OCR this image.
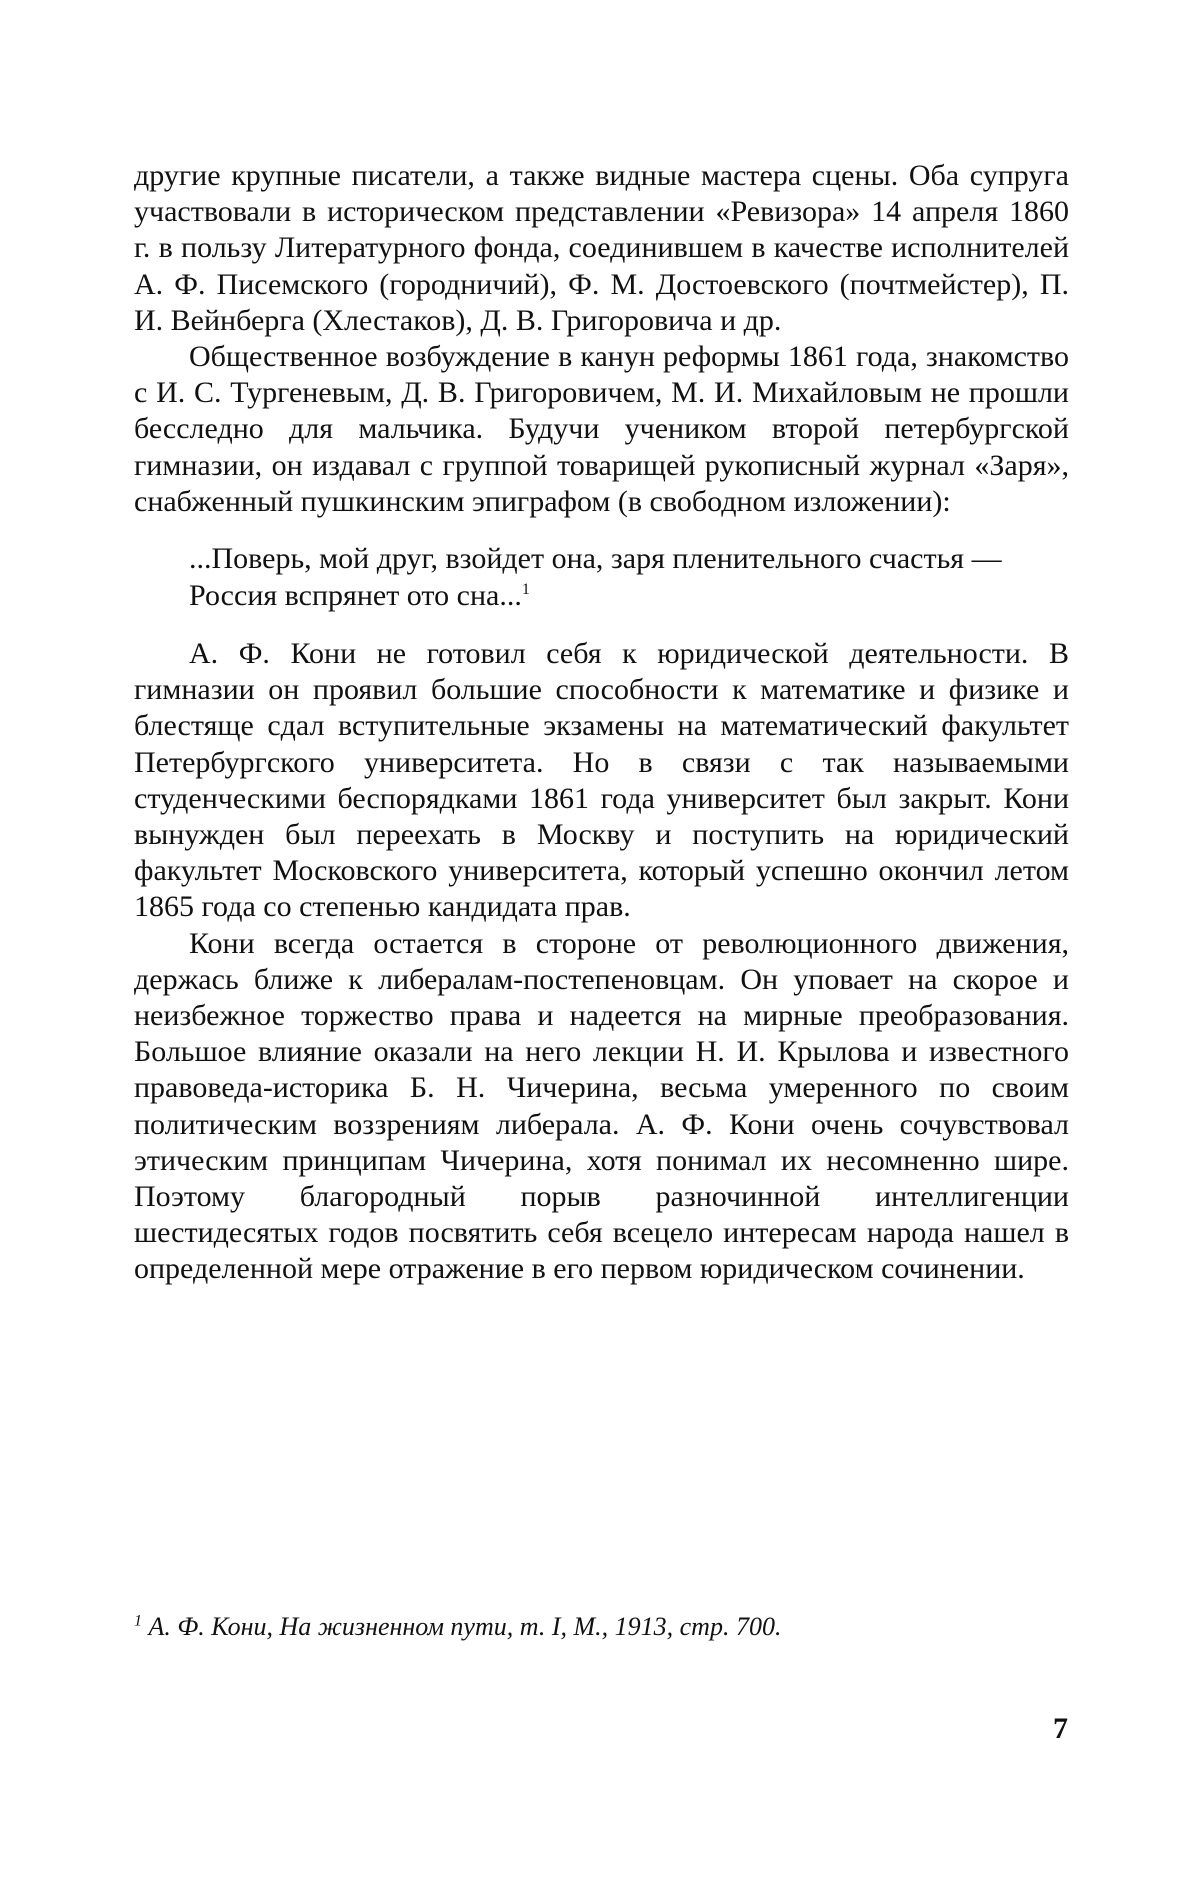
другие крупные писатели, а также видные мастера сцены. Оба супруга участвовали в историческом представлении «Ревизора» 14 апреля 1860 г. в пользу Литературного фонда, соединившем в качестве исполнителей А. Ф. Писемского (городничий), Ф. М. Достоевского (почтмейстер), П. И. Вейнберга (Хлестаков), Д. В. Григоровича и др.

Общественное возбуждение в канун реформы 1861 года, знакомство с И. С. Тургеневым, Д. В. Григоровичем, М. И. Михайловым не прошли бесследно для мальчика. Будучи учеником второй петербургской гимназии, он издавал с группой товарищей рукописный журнал «Заря», снабженный пушкинским эпиграфом (в свободном изложении):

...Поверь, мой друг, взойдет она, заря пленительного счастья — Россия вспрянет ото сна...$^1$

А. Ф. Кони не готовил себя к юридической деятельности. В гимназии он проявил большие способности к математике и физике и блестяще сдал вступительные экзамены на математический факультет Петербургского университета. Но в связи с так называемыми студенческими беспорядками 1861 года университет был закрыт. Кони вынужден был переехать в Москву и поступить на юридический факультет Московского университета, который успешно окончил летом 1865 года со степенью кандидата прав.

Кони всегда остается в стороне от революционного движения, держась ближе к либералам-постепеновцам. Он уповает на скорое и неизбежное торжество права и надеется на мирные преобразования. Большое влияние оказали на него лекции Н. И. Крылова и известного правоведа-историка Б. Н. Чичерина, весьма умеренного по своим политическим воззрениям либерала. А. Ф. Кони очень сочувствовал этическим принципам Чичерина, хотя понимал их несомненно шире. Поэтому благородный порыв разночинной интеллигенции шестидесятых годов посвятить себя всецело интересам народа нашел в определенной мере отражение в его первом юридическом сочинении.

$^1$ А. Ф. Кони, На жизненном пути, т. I, М., 1913, стр. 700.
7
